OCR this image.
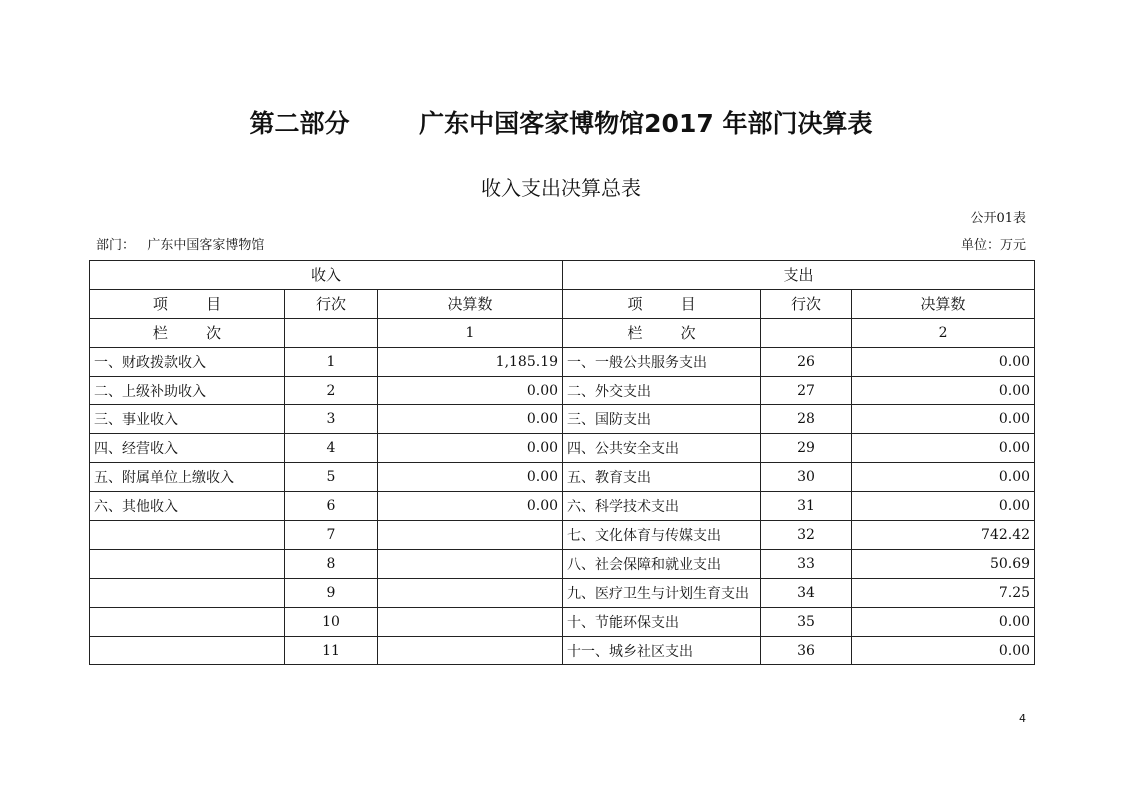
第二部分        广东中国客家博物馆2017 年部门决算表
收入支出决算总表
公开01表
部门：   广东中国客家博物馆	单位：万元
收入			支出		
项        目	行次	决算数	项        目	行次	决算数
栏        次		1	栏        次		2
一、财政拨款收入	1	1,185.19	一、一般公共服务支出	26	0.00
二、上级补助收入	2	0.00	二、外交支出	27	0.00
三、事业收入	3	0.00	三、国防支出	28	0.00
四、经营收入	4	0.00	四、公共安全支出	29	0.00
五、附属单位上缴收入	5	0.00	五、教育支出	30	0.00
六、其他收入	6	0.00	六、科学技术支出	31	0.00
	7		七、文化体育与传媒支出	32	742.42
	8		八、社会保障和就业支出	33	50.69
	9		九、医疗卫生与计划生育支出	34	7.25
	10		十、节能环保支出	35	0.00
	11		十一、城乡社区支出	36	0.00
4
